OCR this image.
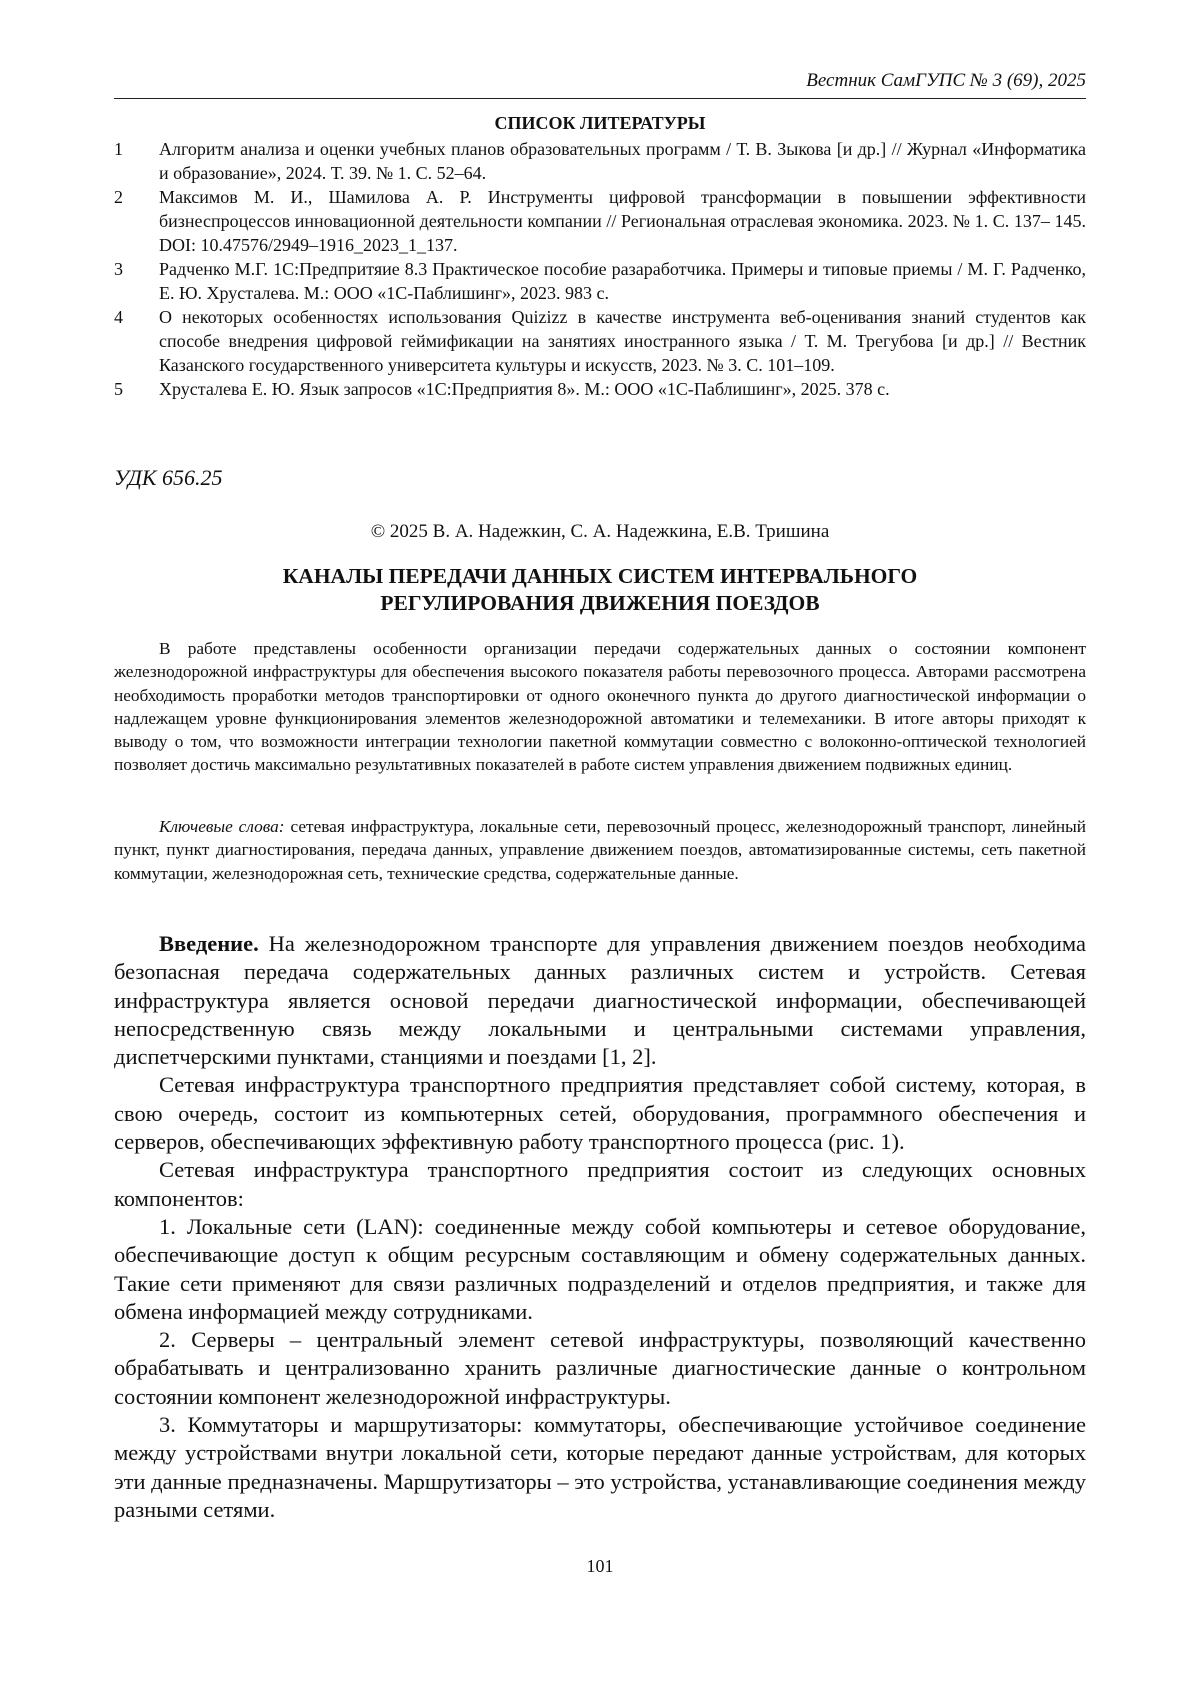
Вестник СамГУПС № 3 (69), 2025
СПИСОК ЛИТЕРАТУРЫ

1 Алгоритм анализа и оценки учебных планов образовательных программ / Т. В. Зыкова [и др.] // Журнал «Информатика и образование», 2024. Т. 39. № 1. С. 52–64.

2 Максимов М. И., Шамилова А. Р. Инструменты цифровой трансформации в повышении эффективности бизнеспроцессов инновационной деятельности компании // Региональная отраслевая экономика. 2023. № 1. С. 137– 145. DOI: 10.47576/2949–1916_2023_1_137.

3 Радченко М.Г. 1С:Предпритяие 8.3 Практическое пособие разаработчика. Примеры и типовые приемы / М. Г. Радченко, Е. Ю. Хрусталева. М.: ООО «1С-Паблишинг», 2023. 983 с.

4 О некоторых особенностях использования Quizizz в качестве инструмента веб-оценивания знаний студентов как способе внедрения цифровой геймификации на занятиях иностранного языка / Т. М. Трегубова [и др.] // Вестник Казанского государственного университета культуры и искусств, 2023. № 3. С. 101–109.

5 Хрусталева Е. Ю. Язык запросов «1С:Предприятия 8». М.: ООО «1С-Паблишинг», 2025. 378 с.

УДК 656.25
© 2025 В. А. Надежкин, С. А. Надежкина, Е.В. Тришина
КАНАЛЫ ПЕРЕДАЧИ ДАННЫХ СИСТЕМ ИНТЕРВАЛЬНОГО
РЕГУЛИРОВАНИЯ ДВИЖЕНИЯ ПОЕЗДОВ

В работе представлены особенности организации передачи содержательных данных о состоянии компонент железнодорожной инфраструктуры для обеспечения высокого показателя работы перевозочного процесса. Авторами рассмотрена необходимость проработки методов транспортировки от одного оконечного пункта до другого диагностической информации о надлежащем уровне функционирования элементов железнодорожной автоматики и телемеханики. В итоге авторы приходят к выводу о том, что возможности интеграции технологии пакетной коммутации совместно с волоконно-оптической технологией позволяет достичь максимально результативных показателей в работе систем управления движением подвижных единиц.

Ключевые слова: сетевая инфраструктура, локальные сети, перевозочный процесс, железнодорожный транспорт, линейный пункт, пункт диагностирования, передача данных, управление движением поездов, автоматизированные системы, сеть пакетной коммутации, железнодорожная сеть, технические средства, содержательные данные.

Введение. На железнодорожном транспорте для управления движением поездов необходима безопасная передача содержательных данных различных систем и устройств. Сетевая инфраструктура является основой передачи диагностической информации, обеспечивающей непосредственную связь между локальными и центральными системами управления, диспетчерскими пунктами, станциями и поездами [1, 2].

Сетевая инфраструктура транспортного предприятия представляет собой систему, которая, в свою очередь, состоит из компьютерных сетей, оборудования, программного обеспечения и серверов, обеспечивающих эффективную работу транспортного процесса (рис. 1).

Сетевая инфраструктура транспортного предприятия состоит из следующих основных компонентов:

1. Локальные сети (LAN): соединенные между собой компьютеры и сетевое оборудование, обеспечивающие доступ к общим ресурсным составляющим и обмену содержательных данных. Такие сети применяют для связи различных подразделений и отделов предприятия, и также для обмена информацией между сотрудниками.

2. Серверы – центральный элемент сетевой инфраструктуры, позволяющий качественно обрабатывать и централизованно хранить различные диагностические данные о контрольном состоянии компонент железнодорожной инфраструктуры.

3. Коммутаторы и маршрутизаторы: коммутаторы, обеспечивающие устойчивое соединение между устройствами внутри локальной сети, которые передают данные устройствам, для которых эти данные предназначены. Маршрутизаторы – это устройства, устанавливающие соединения между разными сетями.

101
